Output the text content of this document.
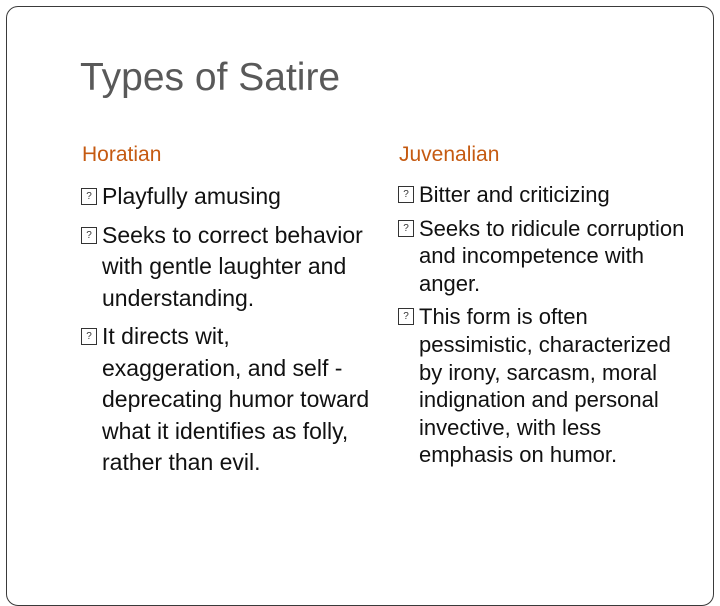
Types of Satire
Horatian
? Playfully amusing
? Seeks to correct behavior with gentle laughter and understanding.
? It directs wit, exaggeration, and self -deprecating humor toward what it identifies as folly, rather than evil.
Juvenalian
? Bitter and criticizing
? Seeks to ridicule corruption and incompetence with anger.
? This form is often pessimistic, characterized by irony, sarcasm, moral indignation and personal invective, with less emphasis on humor.
